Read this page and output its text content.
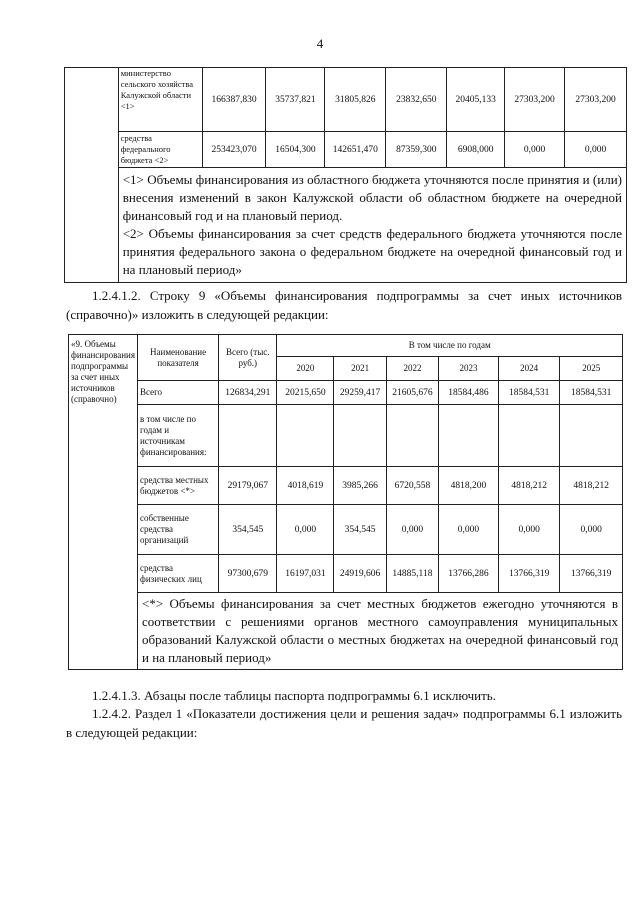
4
	министерство сельского хозяйства Калужской области <1>	166387,830	35737,821	31805,826	23832,650	20405,133	27303,200	27303,200
	средства федерального бюджета <2>	253423,070	16504,300	142651,470	87359,300	6908,000	0,000	0,000

	<1> Объемы финансирования из областного бюджета уточняются после принятия и (или) внесения изменений в закон Калужской области об областном бюджете на очередной финансовый год и на плановый период.
<2> Объемы финансирования за счет средств федерального бюджета уточняются после принятия федерального закона о федеральном бюджете на очередной финансовый год и на плановый период»							
1.2.4.1.2. Строку 9 «Объемы финансирования подпрограммы за счет иных источников (справочно)» изложить в следующей редакции:
«9. Объемы финансирования подпрограммы за счет иных источников (справочно)	Наименование показателя	Всего (тыс. руб.)	В том числе по годам					
			2020	2021	2022	2023	2024	2025
	Всего	126834,291	20215,650	29259,417	21605,676	18584,486	18584,531	18584,531
	в том числе по годам и источникам финансирования:							
	средства местных бюджетов <*>	29179,067	4018,619	3985,266	6720,558	4818,200	4818,212	4818,212
	собственные средства организаций	354,545	0,000	354,545	0,000	0,000	0,000	0,000
	средства физических лиц	97300,679	16197,031	24919,606	14885,118	13766,286	13766,319	13766,319
	<*> Объемы финансирования за счет местных бюджетов ежегодно уточняются в соответствии с решениями органов местного самоуправления муниципальных образований Калужской области о местных бюджетах на очередной финансовый год и на плановый период»							
1.2.4.1.3. Абзацы после таблицы паспорта подпрограммы 6.1 исключить.
1.2.4.2. Раздел 1 «Показатели достижения цели и решения задач» подпрограммы 6.1 изложить в следующей редакции:
